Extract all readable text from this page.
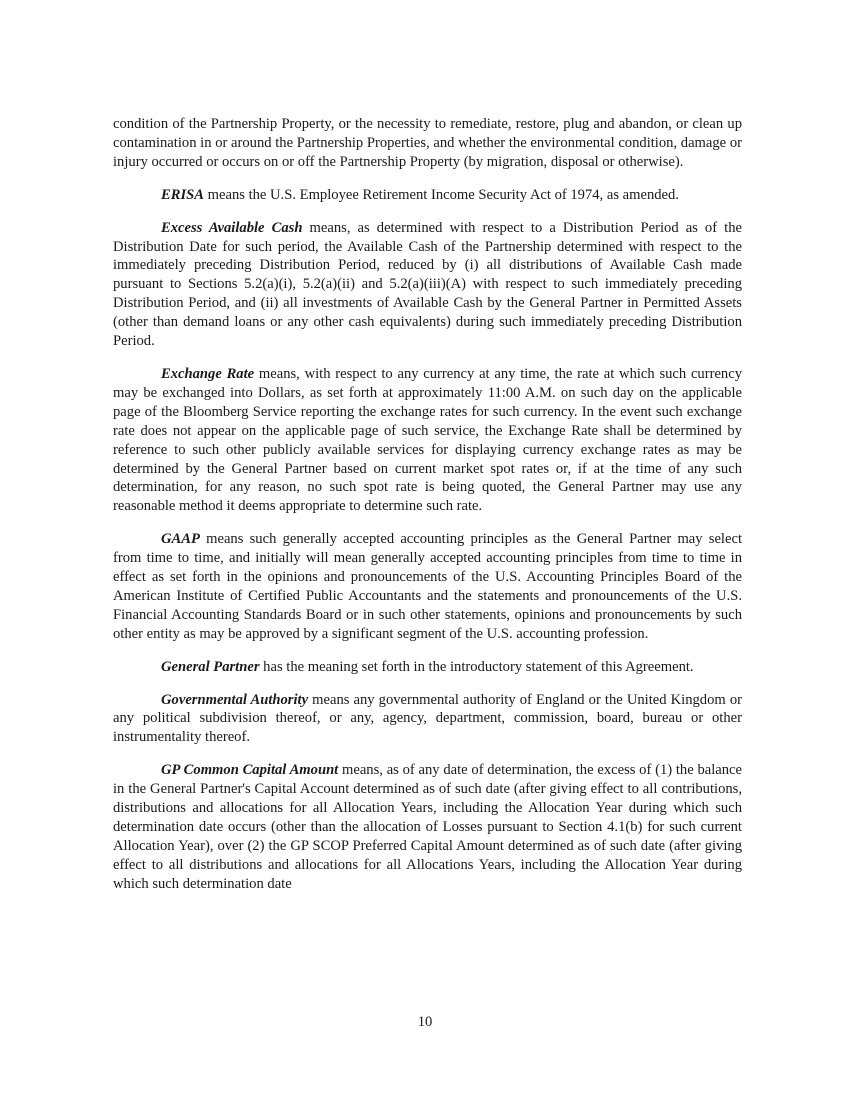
condition of the Partnership Property, or the necessity to remediate, restore, plug and abandon, or clean up contamination in or around the Partnership Properties, and whether the environmental condition, damage or injury occurred or occurs on or off the Partnership Property (by migration, disposal or otherwise).

ERISA means the U.S. Employee Retirement Income Security Act of 1974, as amended.

Excess Available Cash means, as determined with respect to a Distribution Period as of the Distribution Date for such period, the Available Cash of the Partnership determined with respect to the immediately preceding Distribution Period, reduced by (i) all distributions of Available Cash made pursuant to Sections 5.2(a)(i), 5.2(a)(ii) and 5.2(a)(iii)(A) with respect to such immediately preceding Distribution Period, and (ii) all investments of Available Cash by the General Partner in Permitted Assets (other than demand loans or any other cash equivalents) during such immediately preceding Distribution Period.

Exchange Rate means, with respect to any currency at any time, the rate at which such currency may be exchanged into Dollars, as set forth at approximately 11:00 A.M. on such day on the applicable page of the Bloomberg Service reporting the exchange rates for such currency. In the event such exchange rate does not appear on the applicable page of such service, the Exchange Rate shall be determined by reference to such other publicly available services for displaying currency exchange rates as may be determined by the General Partner based on current market spot rates or, if at the time of any such determination, for any reason, no such spot rate is being quoted, the General Partner may use any reasonable method it deems appropriate to determine such rate.

GAAP means such generally accepted accounting principles as the General Partner may select from time to time, and initially will mean generally accepted accounting principles from time to time in effect as set forth in the opinions and pronouncements of the U.S. Accounting Principles Board of the American Institute of Certified Public Accountants and the statements and pronouncements of the U.S. Financial Accounting Standards Board or in such other statements, opinions and pronouncements by such other entity as may be approved by a significant segment of the U.S. accounting profession.

General Partner has the meaning set forth in the introductory statement of this Agreement.

Governmental Authority means any governmental authority of England or the United Kingdom or any political subdivision thereof, or any, agency, department, commission, board, bureau or other instrumentality thereof.

GP Common Capital Amount means, as of any date of determination, the excess of (1) the balance in the General Partner's Capital Account determined as of such date (after giving effect to all contributions, distributions and allocations for all Allocation Years, including the Allocation Year during which such determination date occurs (other than the allocation of Losses pursuant to Section 4.1(b) for such current Allocation Year), over (2) the GP SCOP Preferred Capital Amount determined as of such date (after giving effect to all distributions and allocations for all Allocations Years, including the Allocation Year during which such determination date

10
